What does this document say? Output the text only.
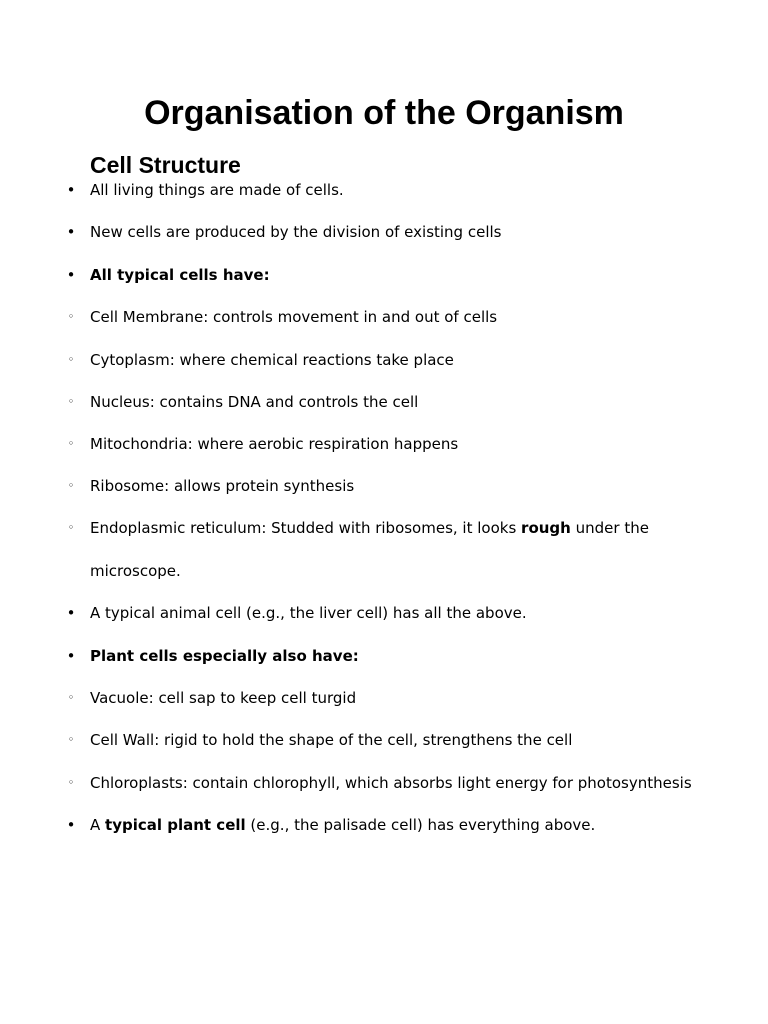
Organisation of the Organism
Cell Structure
• All living things are made of cells.
• New cells are produced by the division of existing cells
• All typical cells have:
◦ Cell Membrane: controls movement in and out of cells
◦ Cytoplasm: where chemical reactions take place
◦ Nucleus: contains DNA and controls the cell
◦ Mitochondria: where aerobic respiration happens
◦ Ribosome: allows protein synthesis
◦ Endoplasmic reticulum: Studded with ribosomes, it looks rough under the
microscope.
• A typical animal cell (e.g., the liver cell) has all the above.
• Plant cells especially also have:
◦ Vacuole: cell sap to keep cell turgid
◦ Cell Wall: rigid to hold the shape of the cell, strengthens the cell
◦ Chloroplasts: contain chlorophyll, which absorbs light energy for photosynthesis
• A typical plant cell (e.g., the palisade cell) has everything above.
